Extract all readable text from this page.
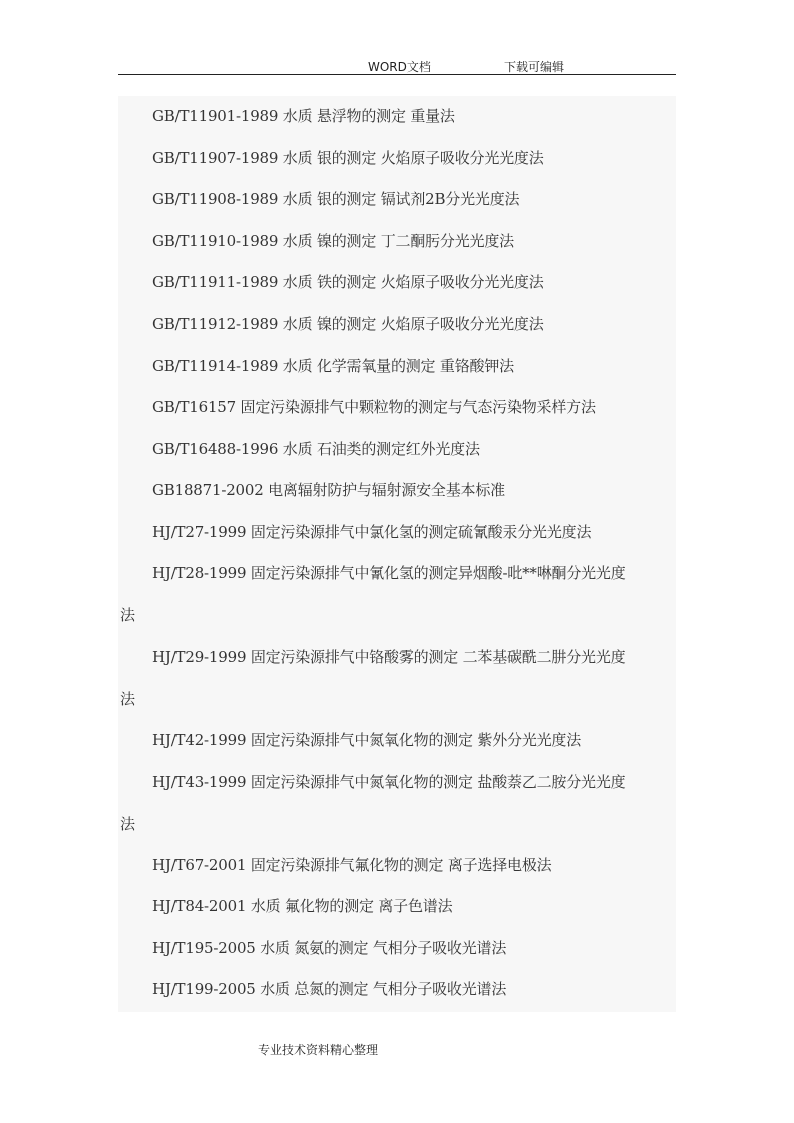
WORD文档	下载可编辑
GB/T11901-1989 水质 悬浮物的测定 重量法
GB/T11907-1989 水质 银的测定 火焰原子吸收分光光度法
GB/T11908-1989 水质 银的测定 镉试剂2B分光光度法
GB/T11910-1989 水质 镍的测定 丁二酮肟分光光度法
GB/T11911-1989 水质 铁的测定 火焰原子吸收分光光度法
GB/T11912-1989 水质 镍的测定 火焰原子吸收分光光度法
GB/T11914-1989 水质 化学需氧量的测定 重铬酸钾法
GB/T16157 固定污染源排气中颗粒物的测定与气态污染物采样方法
GB/T16488-1996 水质 石油类的测定红外光度法
GB18871-2002 电离辐射防护与辐射源安全基本标准
HJ/T27-1999 固定污染源排气中氯化氢的测定硫氰酸汞分光光度法
HJ/T28-1999 固定污染源排气中氰化氢的测定异烟酸-吡**啉酮分光光度
法
HJ/T29-1999 固定污染源排气中铬酸雾的测定 二苯基碳酰二肼分光光度
法
HJ/T42-1999 固定污染源排气中氮氧化物的测定 紫外分光光度法
HJ/T43-1999 固定污染源排气中氮氧化物的测定 盐酸萘乙二胺分光光度
法
HJ/T67-2001 固定污染源排气氟化物的测定 离子选择电极法
HJ/T84-2001 水质 氟化物的测定 离子色谱法
HJ/T195-2005 水质 氮氨的测定 气相分子吸收光谱法
HJ/T199-2005 水质 总氮的测定 气相分子吸收光谱法
专业技术资料精心整理
